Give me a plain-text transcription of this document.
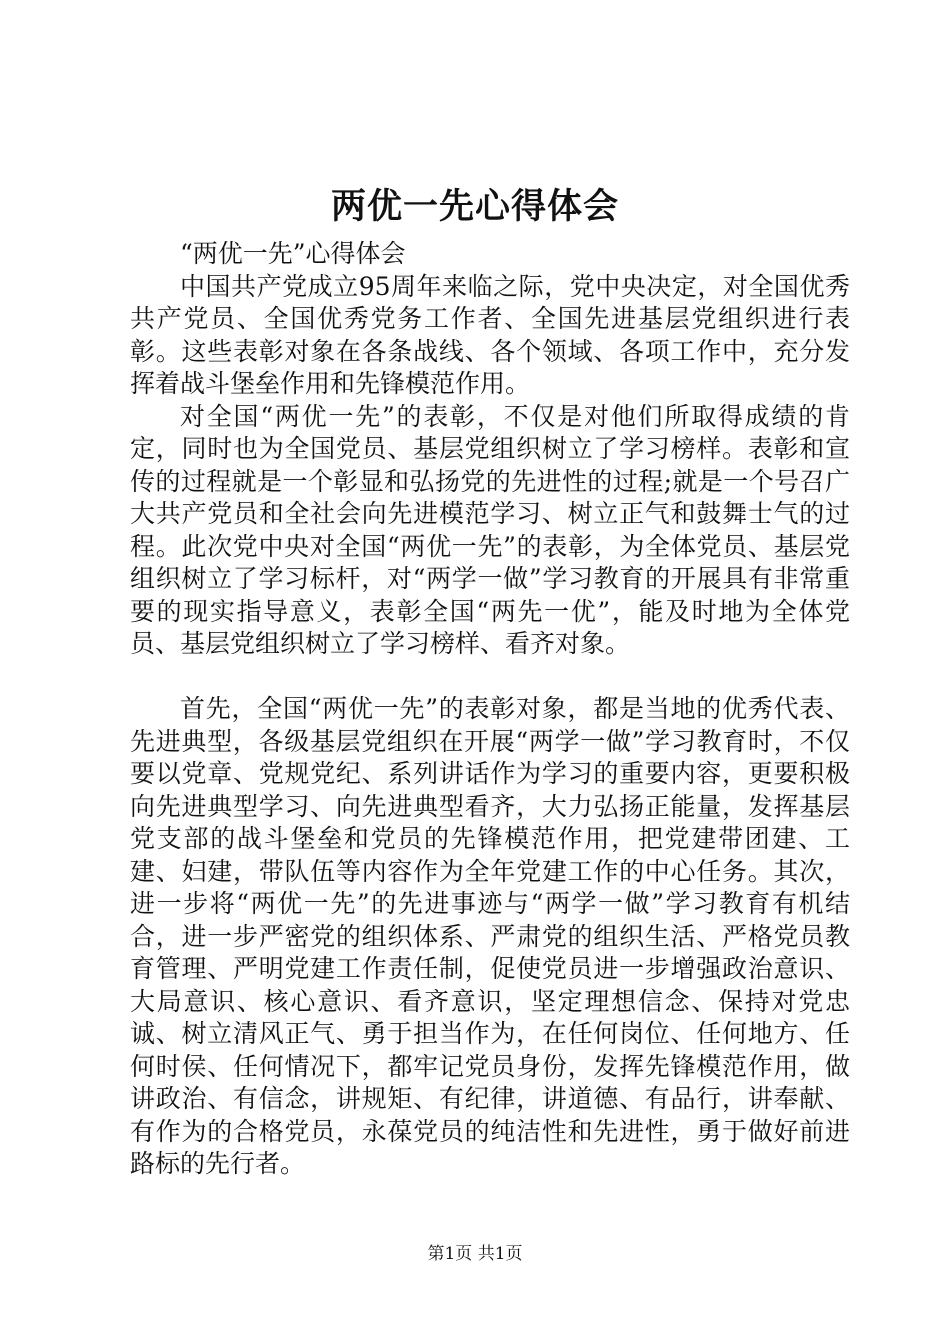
两优一先心得体会

“两优一先”心得体会

中国共产党成立95周年来临之际，党中央决定，对全国优秀共产党员、全国优秀党务工作者、全国先进基层党组织进行表彰。这些表彰对象在各条战线、各个领域、各项工作中，充分发挥着战斗堡垒作用和先锋模范作用。

对全国“两优一先”的表彰，不仅是对他们所取得成绩的肯定，同时也为全国党员、基层党组织树立了学习榜样。表彰和宣传的过程就是一个彰显和弘扬党的先进性的过程;就是一个号召广大共产党员和全社会向先进模范学习、树立正气和鼓舞士气的过程。此次党中央对全国“两优一先”的表彰，为全体党员、基层党组织树立了学习标杆，对“两学一做”学习教育的开展具有非常重要的现实指导意义，表彰全国“两先一优”，能及时地为全体党员、基层党组织树立了学习榜样、看齐对象。

首先，全国“两优一先”的表彰对象，都是当地的优秀代表、先进典型，各级基层党组织在开展“两学一做”学习教育时，不仅要以党章、党规党纪、系列讲话作为学习的重要内容，更要积极向先进典型学习、向先进典型看齐，大力弘扬正能量，发挥基层党支部的战斗堡垒和党员的先锋模范作用，把党建带团建、工建、妇建，带队伍等内容作为全年党建工作的中心任务。其次，进一步将“两优一先”的先进事迹与“两学一做”学习教育有机结合，进一步严密党的组织体系、严肃党的组织生活、严格党员教育管理、严明党建工作责任制，促使党员进一步增强政治意识、大局意识、核心意识、看齐意识，坚定理想信念、保持对党忠诚、树立清风正气、勇于担当作为，在任何岗位、任何地方、任何时侯、任何情况下，都牢记党员身份，发挥先锋模范作用，做讲政治、有信念，讲规矩、有纪律，讲道德、有品行，讲奉献、有作为的合格党员，永葆党员的纯洁性和先进性，勇于做好前进路标的先行者。

第1页 共1页
